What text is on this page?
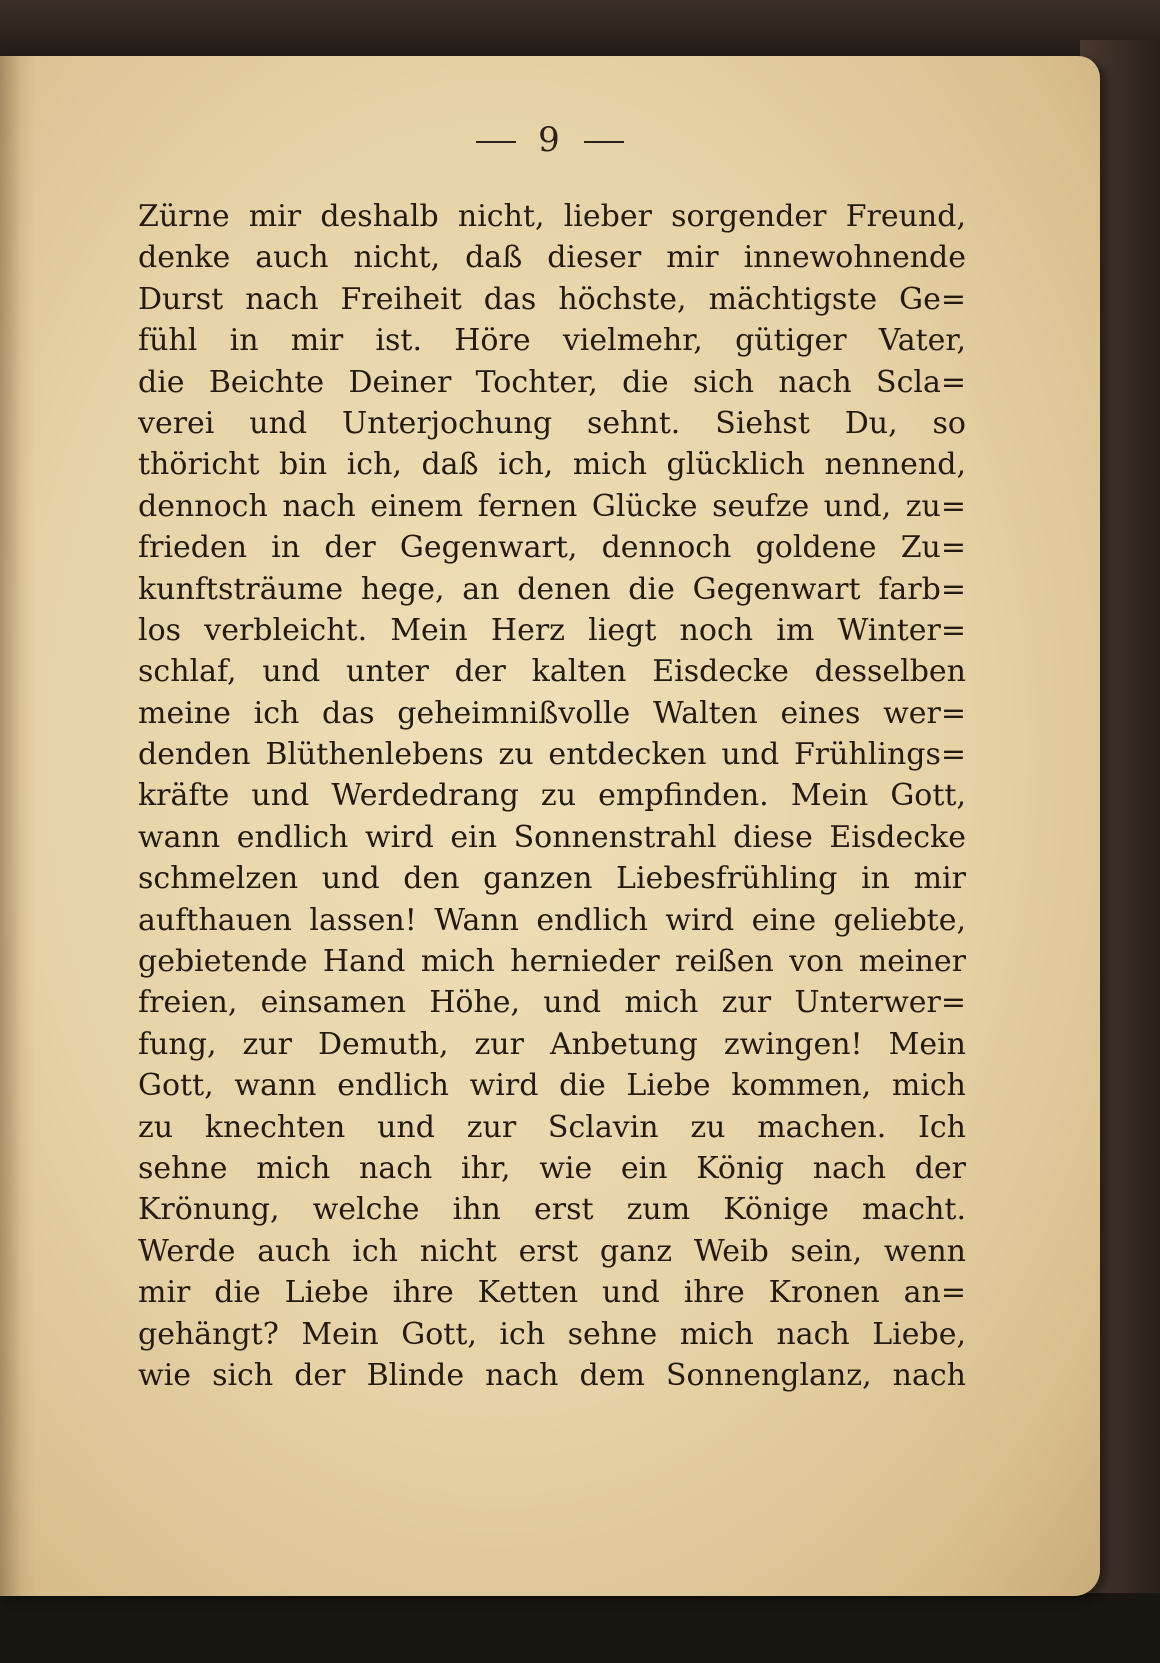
9
Zürne mir deshalb nicht, lieber sorgender Freund,
denke auch nicht, daß dieser mir innewohnende
Durst nach Freiheit das höchste, mächtigste Ge=
fühl in mir ist. Höre vielmehr, gütiger Vater,
die Beichte Deiner Tochter, die sich nach Scla=
verei und Unterjochung sehnt. Siehst Du, so
thöricht bin ich, daß ich, mich glücklich nennend,
dennoch nach einem fernen Glücke seufze und, zu=
frieden in der Gegenwart, dennoch goldene Zu=
kunftsträume hege, an denen die Gegenwart farb=
los verbleicht. Mein Herz liegt noch im Winter=
schlaf, und unter der kalten Eisdecke desselben
meine ich das geheimnißvolle Walten eines wer=
denden Blüthenlebens zu entdecken und Frühlings=
kräfte und Werdedrang zu empfinden. Mein Gott,
wann endlich wird ein Sonnenstrahl diese Eisdecke
schmelzen und den ganzen Liebesfrühling in mir
aufthauen lassen! Wann endlich wird eine geliebte,
gebietende Hand mich hernieder reißen von meiner
freien, einsamen Höhe, und mich zur Unterwer=
fung, zur Demuth, zur Anbetung zwingen! Mein
Gott, wann endlich wird die Liebe kommen, mich
zu knechten und zur Sclavin zu machen. Ich
sehne mich nach ihr, wie ein König nach der
Krönung, welche ihn erst zum Könige macht.
Werde auch ich nicht erst ganz Weib sein, wenn
mir die Liebe ihre Ketten und ihre Kronen an=
gehängt? Mein Gott, ich sehne mich nach Liebe,
wie sich der Blinde nach dem Sonnenglanz, nach
